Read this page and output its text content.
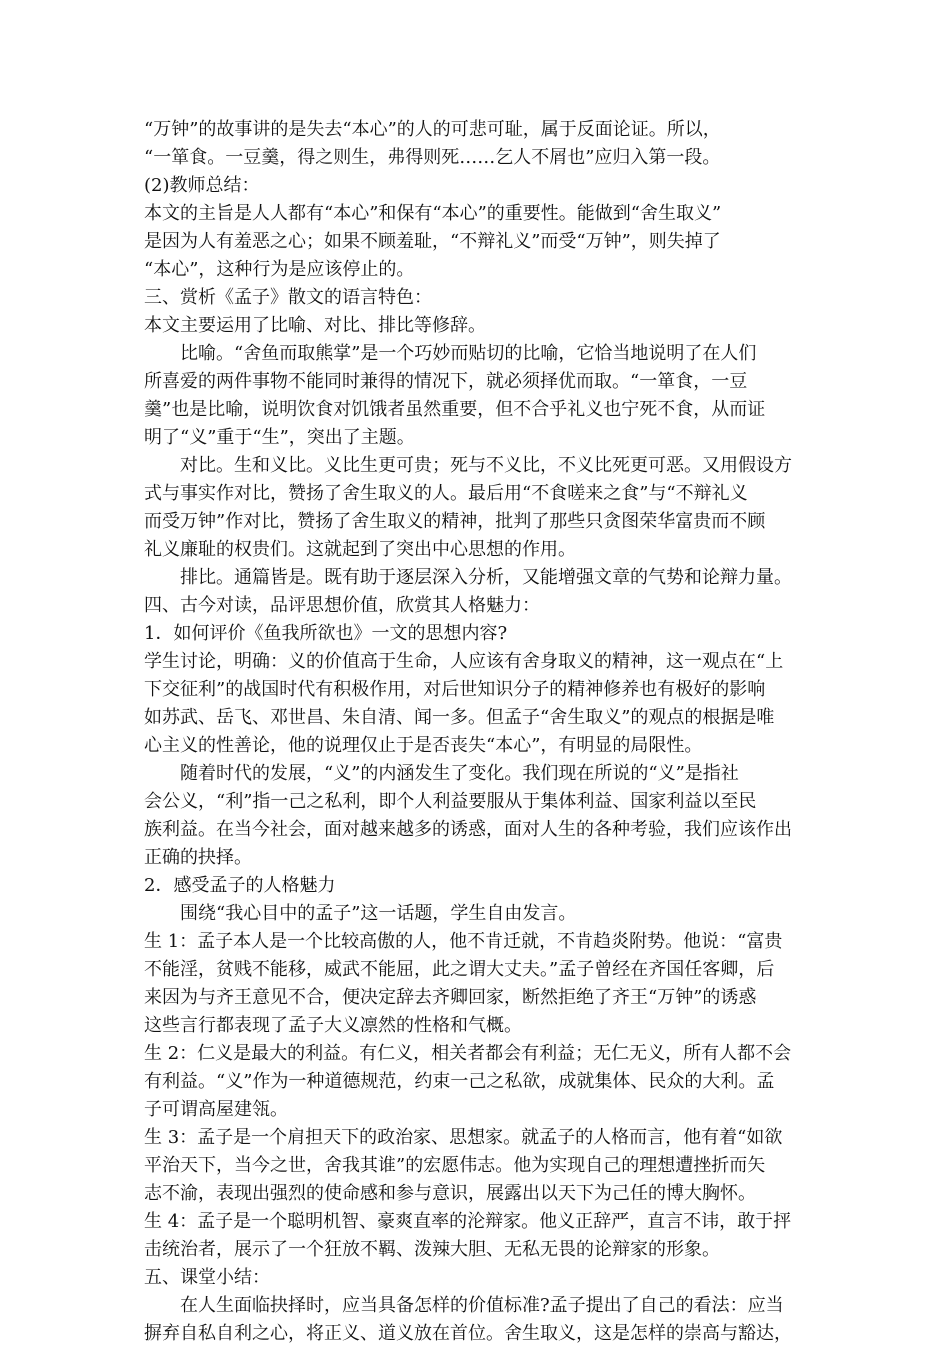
“万钟”的故事讲的是失去“本心”的人的可悲可耻，属于反面论证。所以，
“一箪食。一豆羹，得之则生，弗得则死……乞人不屑也”应归入第一段。
(2)教师总结：
本文的主旨是人人都有“本心”和保有“本心”的重要性。能做到“舍生取义”
是因为人有羞恶之心；如果不顾羞耻，“不辩礼义”而受“万钟”，则失掉了
“本心”，这种行为是应该停止的。
三、赏析《孟子》散文的语言特色：
本文主要运用了比喻、对比、排比等修辞。
　　比喻。“舍鱼而取熊掌”是一个巧妙而贴切的比喻，它恰当地说明了在人们
所喜爱的两件事物不能同时兼得的情况下，就必须择优而取。“一箪食，一豆
羹”也是比喻，说明饮食对饥饿者虽然重要，但不合乎礼义也宁死不食，从而证
明了“义”重于“生”，突出了主题。
　　对比。生和义比。义比生更可贵；死与不义比，不义比死更可恶。又用假设方
式与事实作对比，赞扬了舍生取义的人。最后用“不食嗟来之食”与“不辩礼义
而受万钟”作对比，赞扬了舍生取义的精神，批判了那些只贪图荣华富贵而不顾
礼义廉耻的权贵们。这就起到了突出中心思想的作用。
　　排比。通篇皆是。既有助于逐层深入分析，又能增强文章的气势和论辩力量。
四、古今对读，品评思想价值，欣赏其人格魅力：
1．如何评价《鱼我所欲也》一文的思想内容?
学生讨论，明确：义的价值高于生命，人应该有舍身取义的精神，这一观点在“上
下交征利”的战国时代有积极作用，对后世知识分子的精神修养也有极好的影响
如苏武、岳飞、邓世昌、朱自清、闻一多。但孟子“舍生取义”的观点的根据是唯
心主义的性善论，他的说理仅止于是否丧失“本心”，有明显的局限性。
　　随着时代的发展，“义”的内涵发生了变化。我们现在所说的“义”是指社
会公义，“利”指一己之私利，即个人利益要服从于集体利益、国家利益以至民
族利益。在当今社会，面对越来越多的诱惑，面对人生的各种考验，我们应该作出
正确的抉择。
2．感受孟子的人格魅力
　　围绕“我心目中的孟子”这一话题，学生自由发言。
生 1：孟子本人是一个比较高傲的人，他不肯迁就，不肯趋炎附势。他说：“富贵
不能淫，贫贱不能移，威武不能屈，此之谓大丈夫。”孟子曾经在齐国任客卿，后
来因为与齐王意见不合，便决定辞去齐卿回家，断然拒绝了齐王“万钟”的诱惑
这些言行都表现了孟子大义凛然的性格和气概。
生 2：仁义是最大的利益。有仁义，相关者都会有利益；无仁无义，所有人都不会
有利益。“义”作为一种道德规范，约束一己之私欲，成就集体、民众的大利。孟
子可谓高屋建瓴。
生 3：孟子是一个肩担天下的政治家、思想家。就孟子的人格而言，他有着“如欲
平治天下，当今之世，舍我其谁”的宏愿伟志。他为实现自己的理想遭挫折而矢
志不渝，表现出强烈的使命感和参与意识，展露出以天下为己任的博大胸怀。
生 4：孟子是一个聪明机智、豪爽直率的沦辩家。他义正辞严，直言不讳，敢于抨
击统治者，展示了一个狂放不羁、泼辣大胆、无私无畏的论辩家的形象。
五、课堂小结：
　　在人生面临抉择时，应当具备怎样的价值标准?孟子提出了自己的看法：应当
摒弃自私自利之心，将正义、道义放在首位。舍生取义，这是怎样的崇高与豁达，
